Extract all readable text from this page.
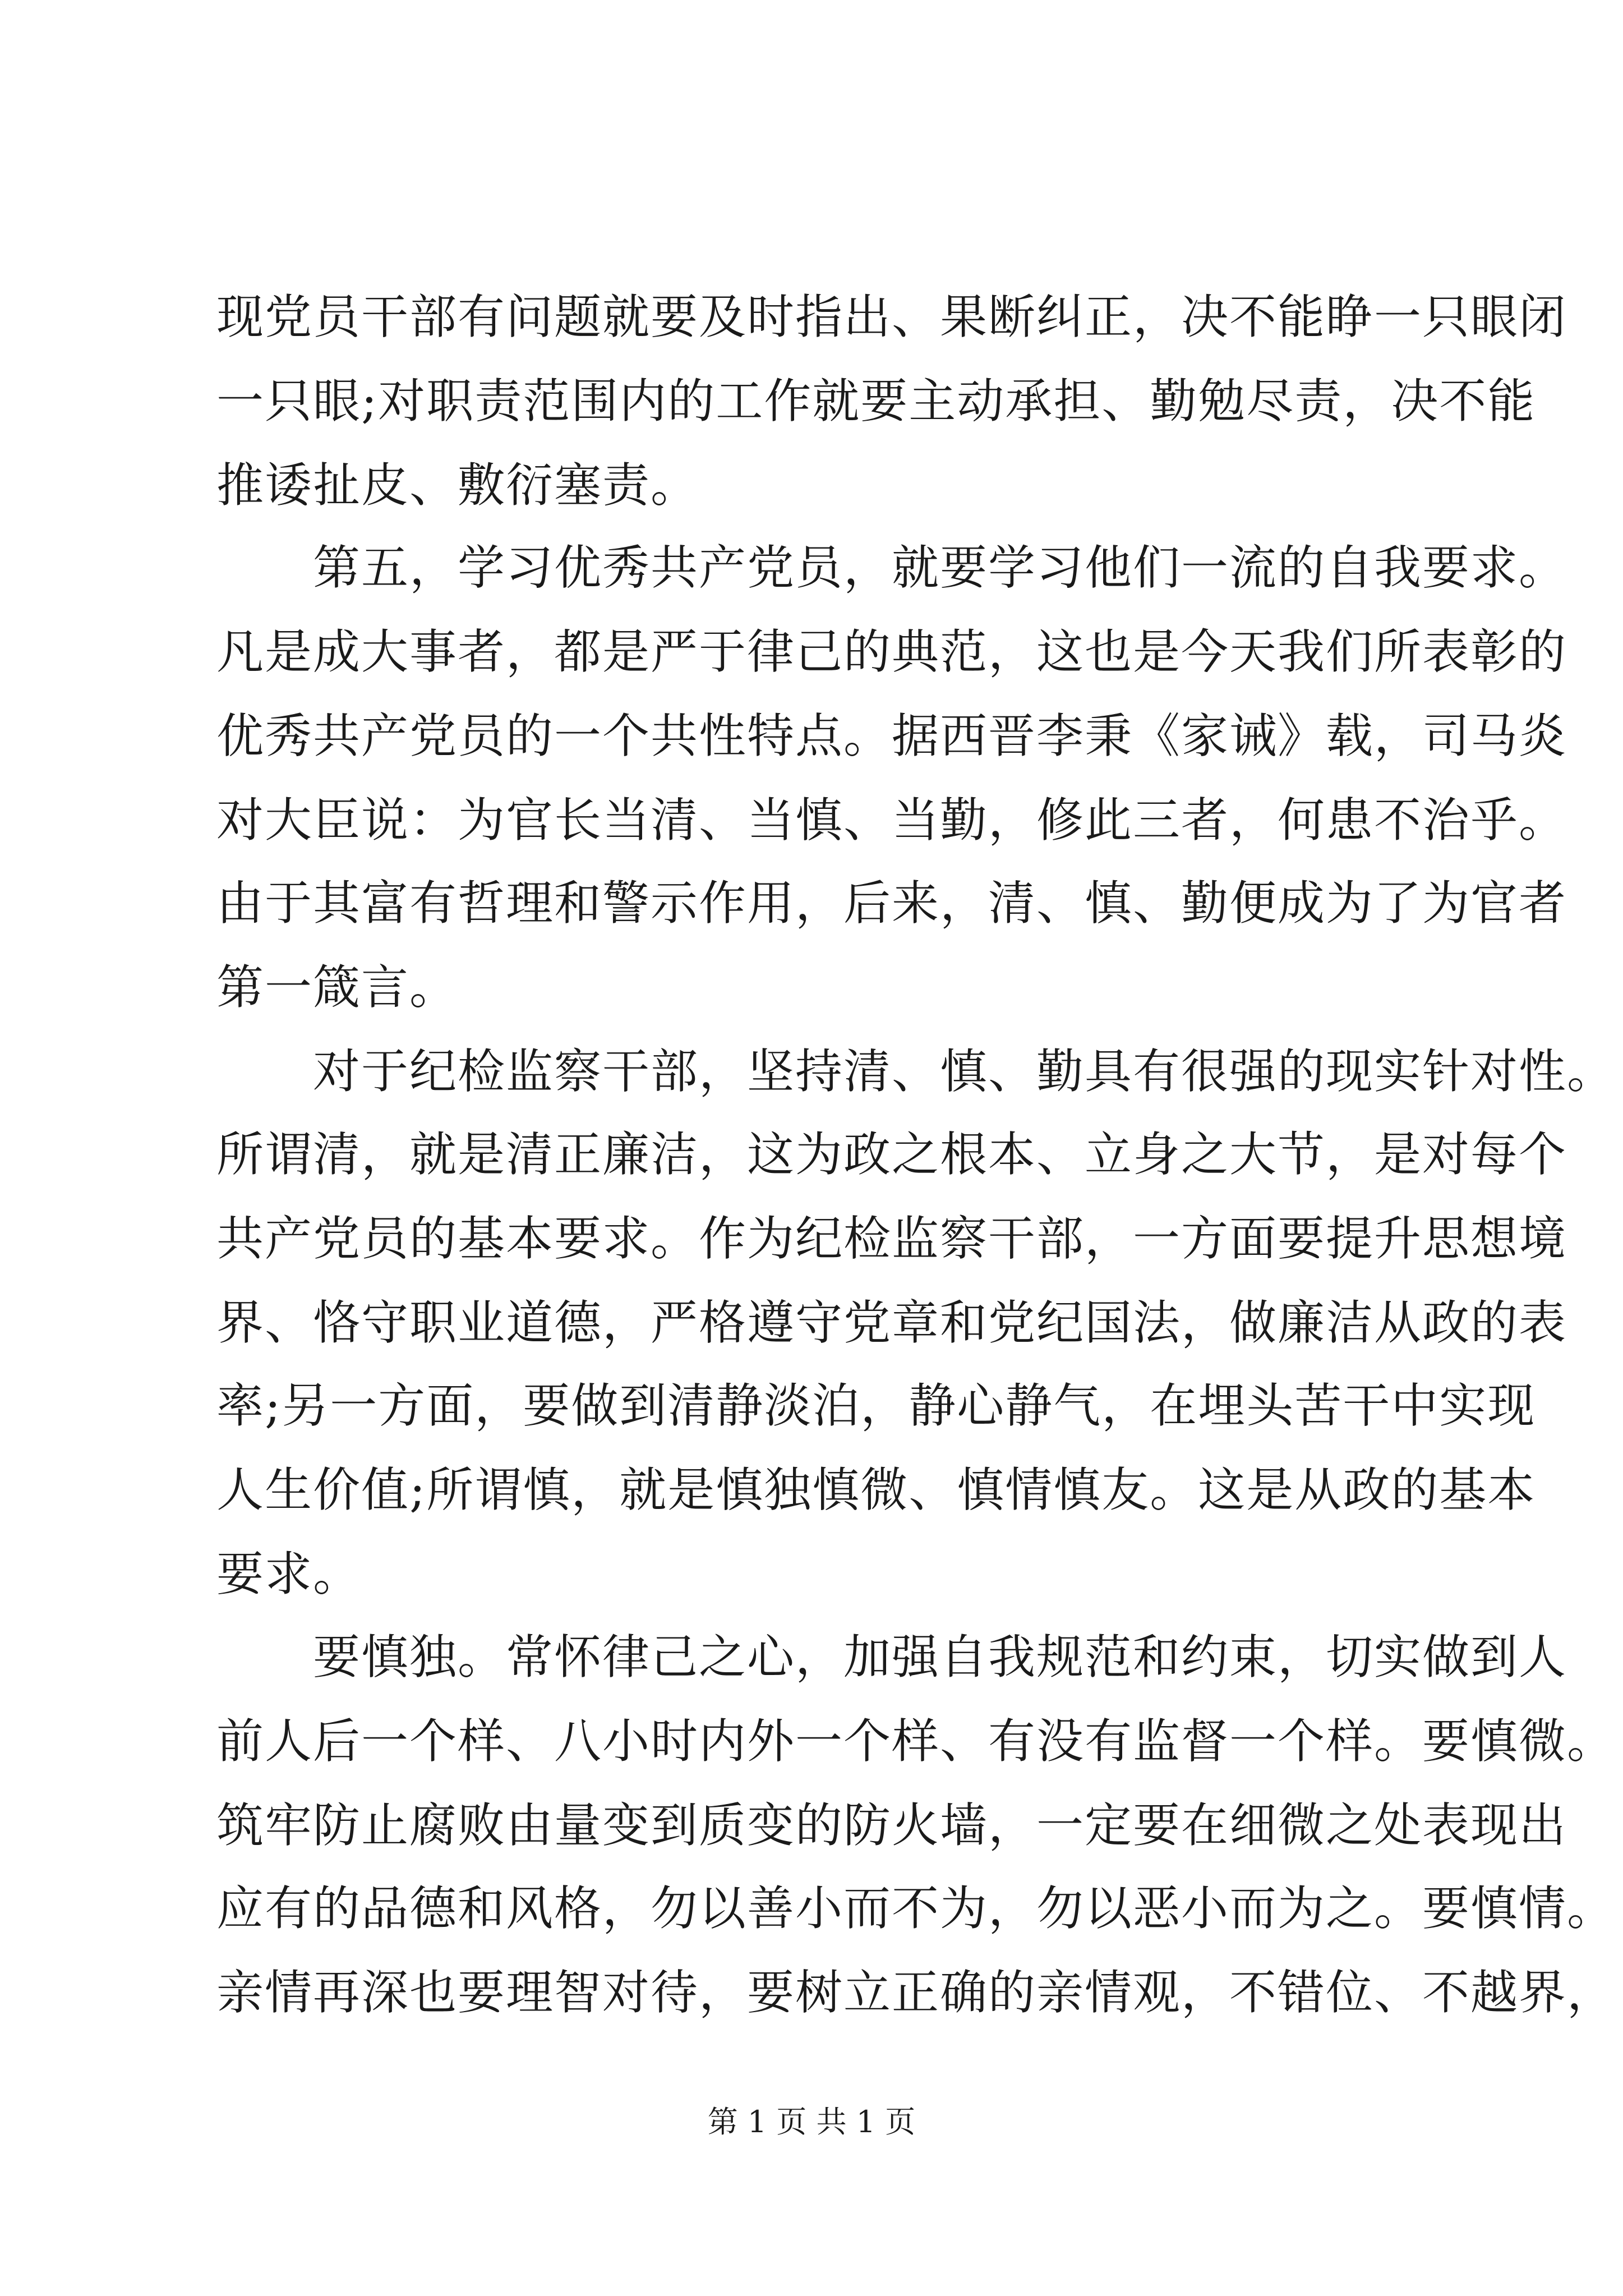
现党员干部有问题就要及时指出、果断纠正，决不能睁一只眼闭
一只眼;对职责范围内的工作就要主动承担、勤勉尽责，决不能
推诿扯皮、敷衍塞责。
　　第五，学习优秀共产党员，就要学习他们一流的自我要求。
凡是成大事者，都是严于律己的典范，这也是今天我们所表彰的
优秀共产党员的一个共性特点。据西晋李秉《家诫》载，司马炎
对大臣说：为官长当清、当慎、当勤，修此三者，何患不治乎。
由于其富有哲理和警示作用，后来，清、慎、勤便成为了为官者
第一箴言。
　　对于纪检监察干部，坚持清、慎、勤具有很强的现实针对性。
所谓清，就是清正廉洁，这为政之根本、立身之大节，是对每个
共产党员的基本要求。作为纪检监察干部，一方面要提升思想境
界、恪守职业道德，严格遵守党章和党纪国法，做廉洁从政的表
率;另一方面，要做到清静淡泊，静心静气，在埋头苦干中实现
人生价值;所谓慎，就是慎独慎微、慎情慎友。这是从政的基本
要求。
　　要慎独。常怀律己之心，加强自我规范和约束，切实做到人
前人后一个样、八小时内外一个样、有没有监督一个样。要慎微。
筑牢防止腐败由量变到质变的防火墙，一定要在细微之处表现出
应有的品德和风格，勿以善小而不为，勿以恶小而为之。要慎情。
亲情再深也要理智对待，要树立正确的亲情观，不错位、不越界，
第 1 页 共 1 页
